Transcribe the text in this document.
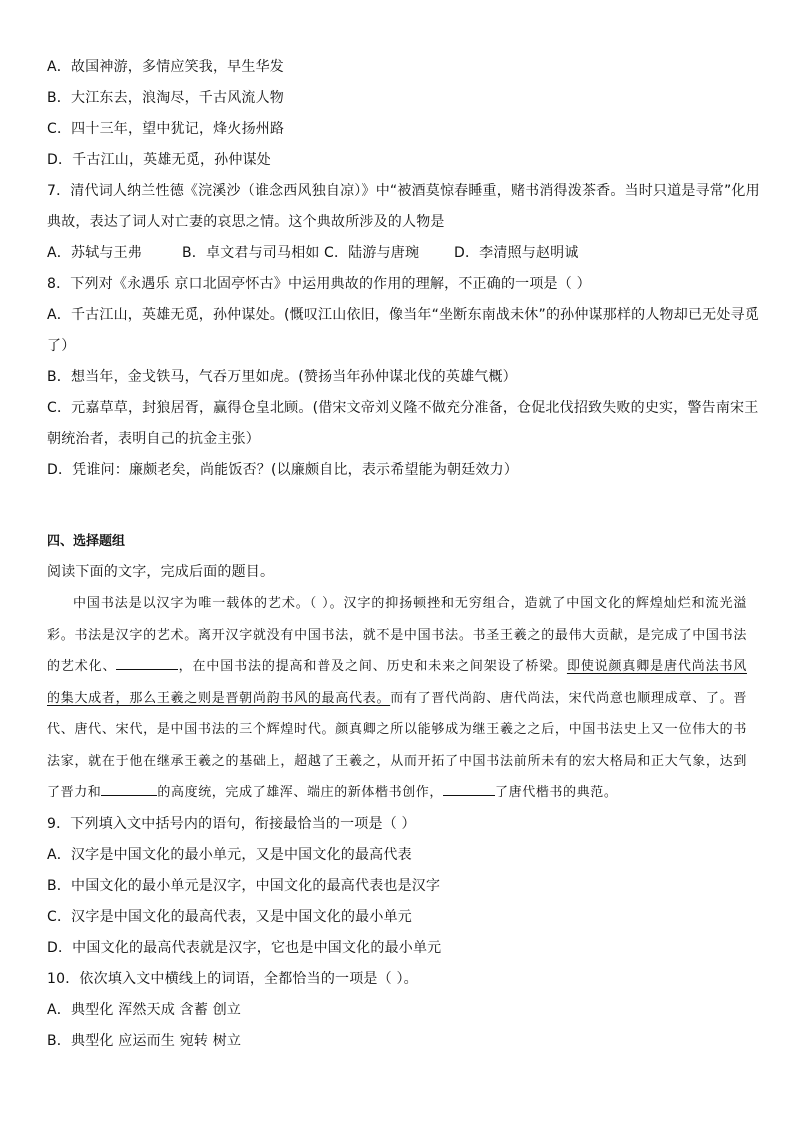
A．故国神游，多情应笑我，早生华发
B．大江东去，浪淘尽，千古风流人物
C．四十三年，望中犹记，烽火扬州路
D．千古江山，英雄无觅，孙仲谋处
7．清代词人纳兰性德《浣溪沙（谁念西风独自凉）》中“被酒莫惊春睡重，赌书消得泼茶香。当时只道是寻常”化用
典故，表达了词人对亡妻的哀思之情。这个典故所涉及的人物是
A．苏轼与王弗	B．卓文君与司马相如 C．陆游与唐琬 D．李清照与赵明诚
8．下列对《永遇乐 京口北固亭怀古》中运用典故的作用的理解，不正确的一项是（ ）
A．千古江山，英雄无觅，孙仲谋处。(慨叹江山依旧，像当年“坐断东南战未休”的孙仲谋那样的人物却已无处寻觅
了）
B．想当年，金戈铁马，气吞万里如虎。(赞扬当年孙仲谋北伐的英雄气概）
C．元嘉草草，封狼居胥，赢得仓皇北顾。(借宋文帝刘义隆不做充分准备，仓促北伐招致失败的史实，警告南宋王
朝统治者，表明自己的抗金主张）
D．凭谁问：廉颇老矣，尚能饭否？(以廉颇自比，表示希望能为朝廷效力）
四、选择题组
阅读下面的文字，完成后面的题目。
中国书法是以汉字为唯一载体的艺术。（ ）。汉字的抑扬顿挫和无穷组合，造就了中国文化的辉煌灿烂和流光溢彩。书法是汉字的艺术。离开汉字就没有中国书法，就不是中国书法。书圣王羲之的最伟大贡献，是完成了中国书法的艺术化、	，在中国书法的提高和普及之间、历史和未来之间架设了桥梁。即使说颜真卿是唐代尚法书风的集大成者，那么王羲之则是晋朝尚韵书风的最高代表。而有了晋代尚韵、唐代尚法，宋代尚意也顺理成章、了。晋代、唐代、宋代，是中国书法的三个辉煌时代。颜真卿之所以能够成为继王羲之之后，中国书法史上又一位伟大的书法家，就在于他在继承王羲之的基础上，超越了王羲之，从而开拓了中国书法前所未有的宏大格局和正大气象，达到了晋力和	的高度统，完成了雄浑、端庄的新体楷书创作，	了唐代楷书的典范。
9．下列填入文中括号内的语句，衔接最恰当的一项是（ ）
A．汉字是中国文化的最小单元，又是中国文化的最高代表
B．中国文化的最小单元是汉字，中国文化的最高代表也是汉字
C．汉字是中国文化的最高代表，又是中国文化的最小单元
D．中国文化的最高代表就是汉字，它也是中国文化的最小单元
10．依次填入文中横线上的词语，全都恰当的一项是（ ）。
A．典型化 浑然天成 含蓄 创立
B．典型化 应运而生 宛转 树立
